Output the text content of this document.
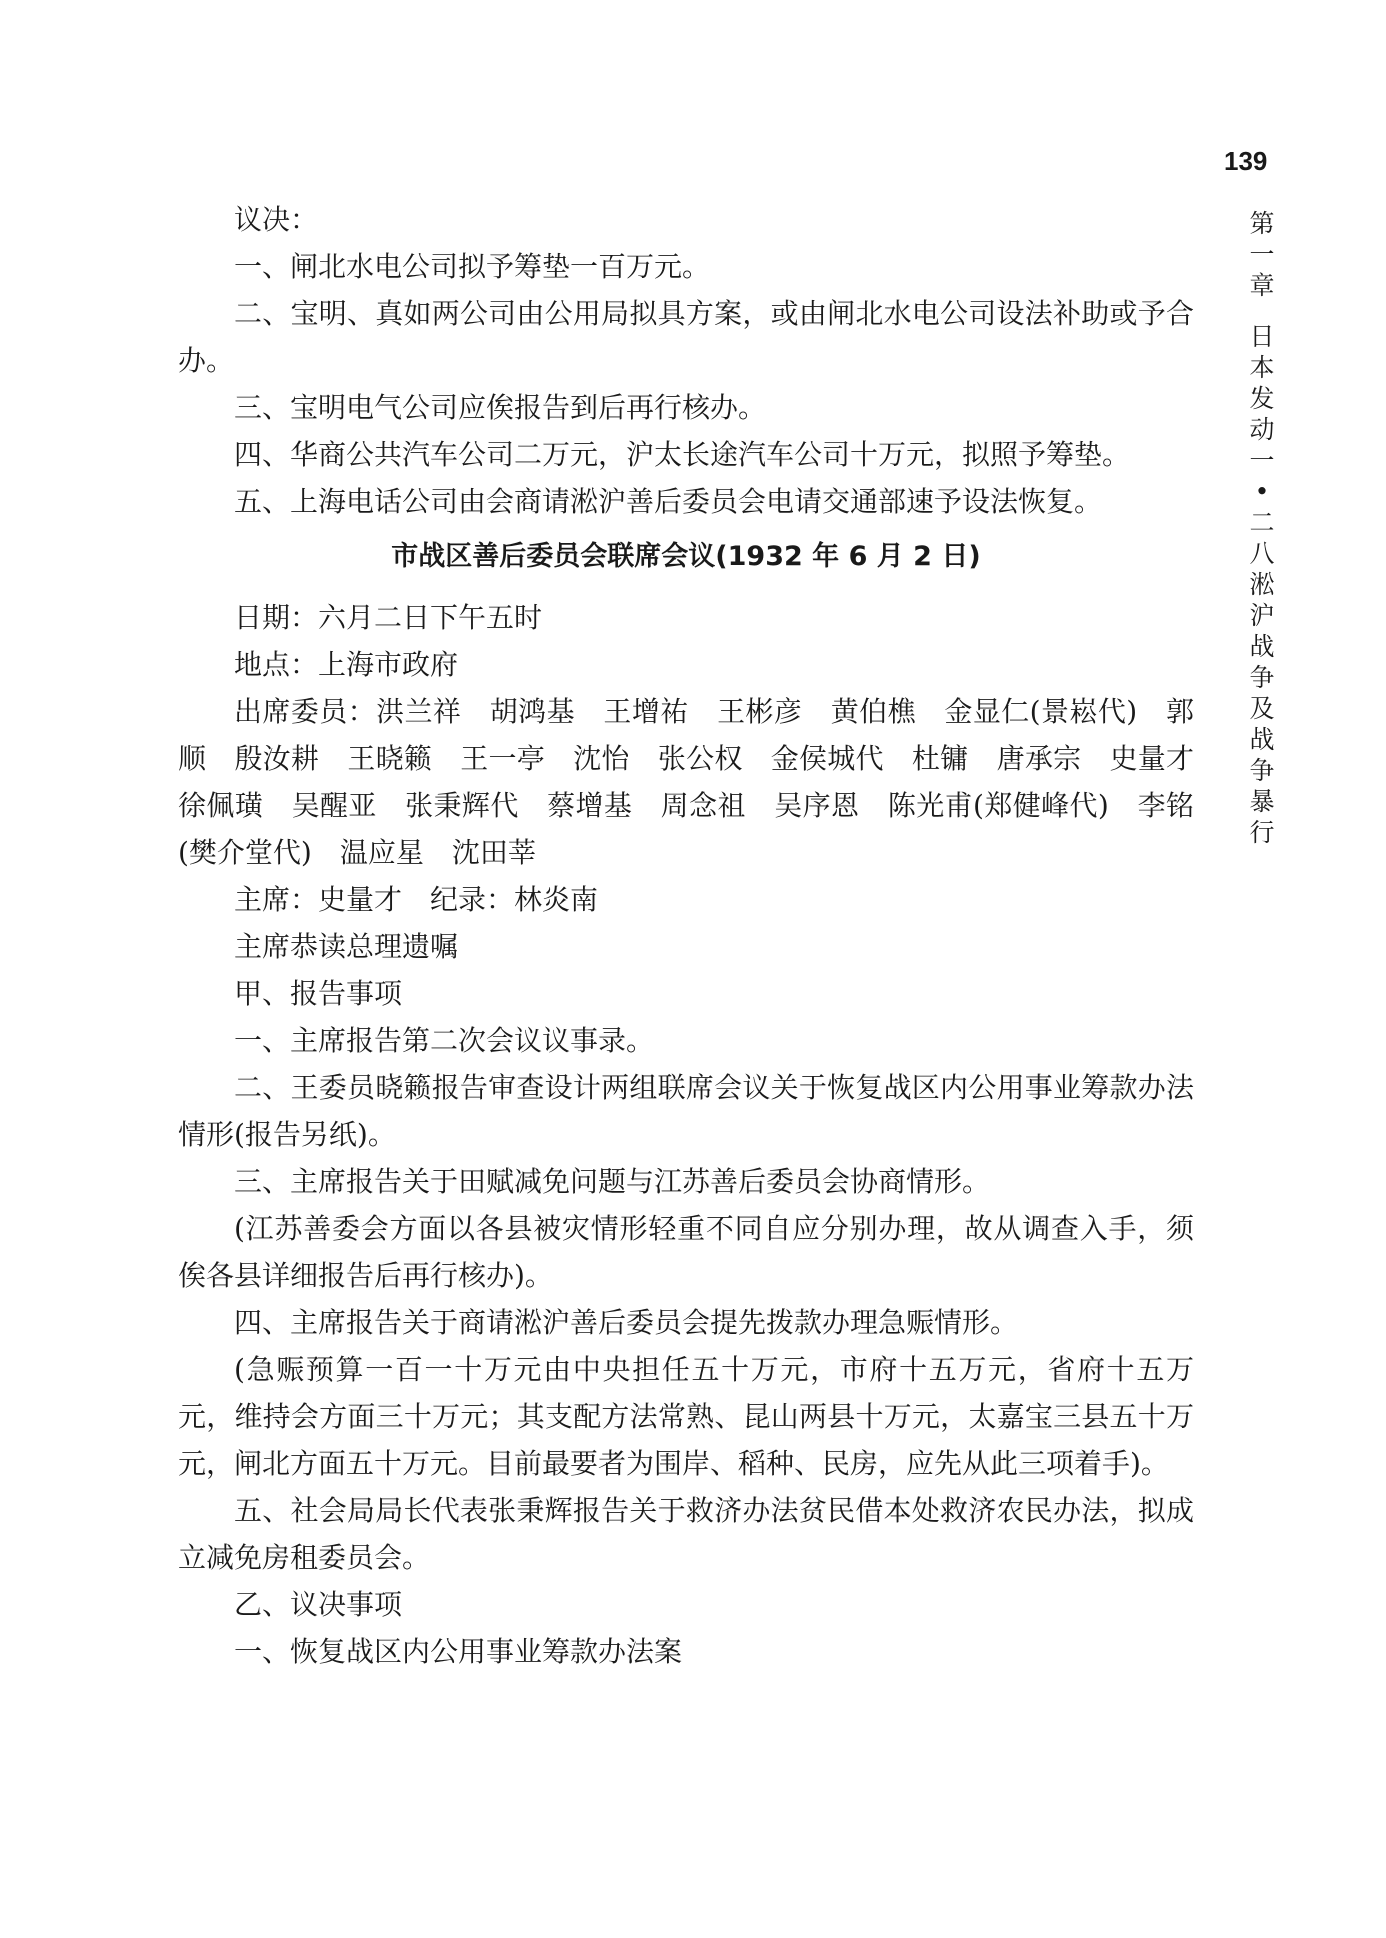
139
第
一
章
日
本
发
动
一
•
二
八
淞
沪
战
争
及
战
争
暴
行

议决：

一、闸北水电公司拟予筹垫一百万元。

二、宝明、真如两公司由公用局拟具方案，或由闸北水电公司设法补助或予合办。

三、宝明电气公司应俟报告到后再行核办。

四、华商公共汽车公司二万元，沪太长途汽车公司十万元，拟照予筹垫。

五、上海电话公司由会商请淞沪善后委员会电请交通部速予设法恢复。

市战区善后委员会联席会议(1932 年 6 月 2 日)

日期：六月二日下午五时

地点：上海市政府

出席委员：洪兰祥　胡鸿基　王增祐　王彬彦　黄伯樵　金显仁(景崧代)　郭顺　殷汝耕　王晓籁　王一亭　沈怡　张公权　金侯城代　杜镛　唐承宗　史量才　徐佩璜　吴醒亚　张秉辉代　蔡增基　周念祖　吴序恩　陈光甫(郑健峰代)　李铭(樊介堂代)　温应星　沈田莘

主席：史量才　纪录：林炎南

主席恭读总理遗嘱

甲、报告事项

一、主席报告第二次会议议事录。

二、王委员晓籁报告审查设计两组联席会议关于恢复战区内公用事业筹款办法情形(报告另纸)。

三、主席报告关于田赋减免问题与江苏善后委员会协商情形。

(江苏善委会方面以各县被灾情形轻重不同自应分别办理，故从调查入手，须俟各县详细报告后再行核办)。

四、主席报告关于商请淞沪善后委员会提先拨款办理急赈情形。

(急赈预算一百一十万元由中央担任五十万元，市府十五万元，省府十五万元，维持会方面三十万元；其支配方法常熟、昆山两县十万元，太嘉宝三县五十万元，闸北方面五十万元。目前最要者为围岸、稻种、民房，应先从此三项着手)。

五、社会局局长代表张秉辉报告关于救济办法贫民借本处救济农民办法，拟成立减免房租委员会。

乙、议决事项

一、恢复战区内公用事业筹款办法案
